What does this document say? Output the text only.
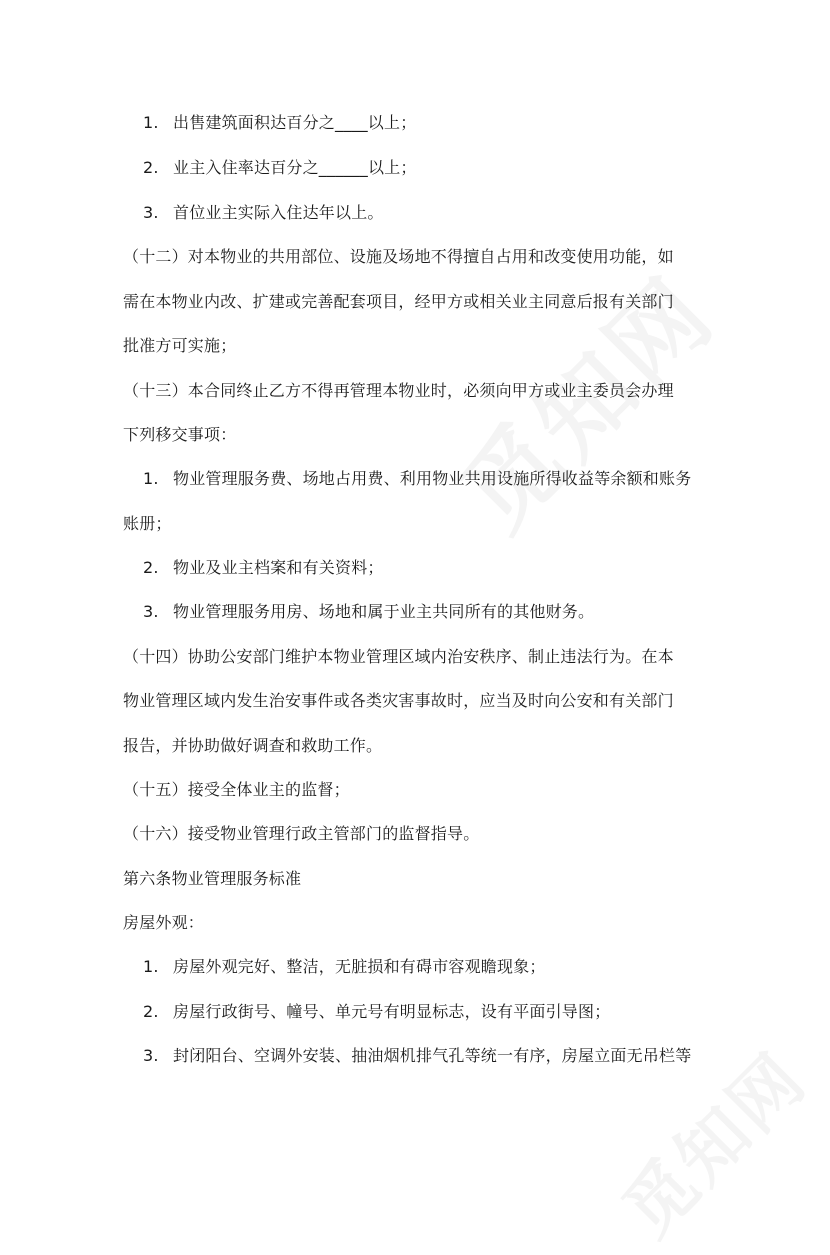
1. 出售建筑面积达百分之____以上；
2. 业主入住率达百分之______以上；
3. 首位业主实际入住达年以上。
（十二）对本物业的共用部位、设施及场地不得擅自占用和改变使用功能，如
需在本物业内改、扩建或完善配套项目，经甲方或相关业主同意后报有关部门
批准方可实施；
（十三）本合同终止乙方不得再管理本物业时，必须向甲方或业主委员会办理
下列移交事项：
1. 物业管理服务费、场地占用费、利用物业共用设施所得收益等余额和账务
账册；
2. 物业及业主档案和有关资料；
3. 物业管理服务用房、场地和属于业主共同所有的其他财务。
（十四）协助公安部门维护本物业管理区域内治安秩序、制止违法行为。在本
物业管理区域内发生治安事件或各类灾害事故时，应当及时向公安和有关部门
报告，并协助做好调查和救助工作。
（十五）接受全体业主的监督；
（十六）接受物业管理行政主管部门的监督指导。
第六条物业管理服务标准
房屋外观：
1. 房屋外观完好、整洁，无脏损和有碍市容观瞻现象；
2. 房屋行政街号、幢号、单元号有明显标志，设有平面引导图；
3. 封闭阳台、空调外安装、抽油烟机排气孔等统一有序，房屋立面无吊栏等
